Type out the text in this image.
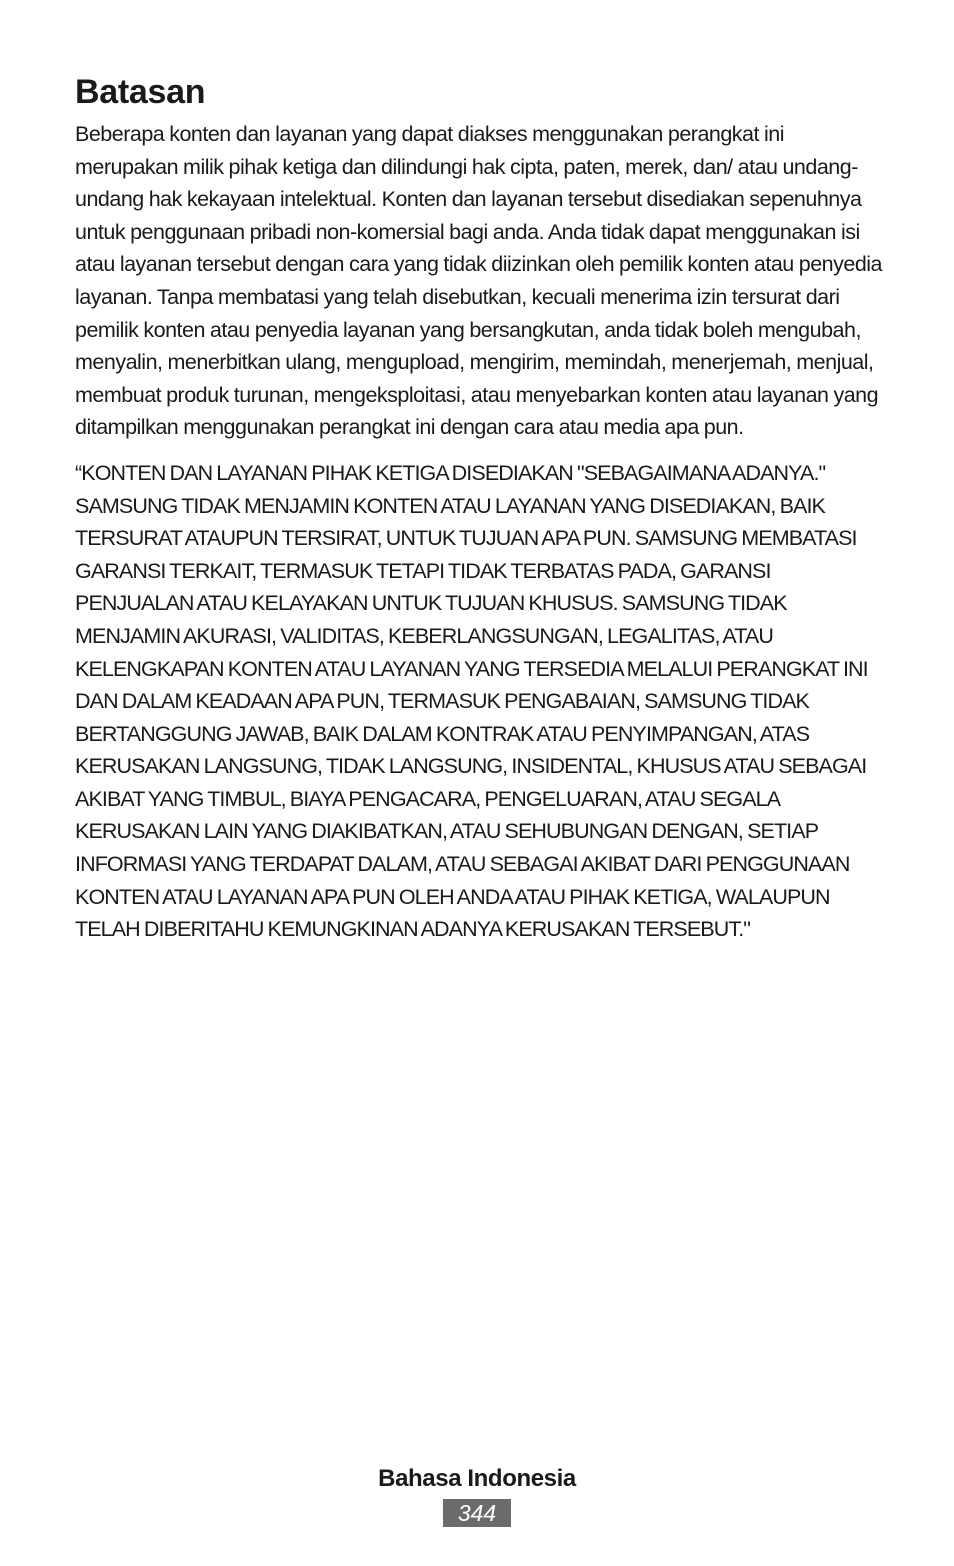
Batasan

Beberapa konten dan layanan yang dapat diakses menggunakan perangkat ini merupakan milik pihak ketiga dan dilindungi hak cipta, paten, merek, dan/ atau undang-undang hak kekayaan intelektual. Konten dan layanan tersebut disediakan sepenuhnya untuk penggunaan pribadi non-komersial bagi anda. Anda tidak dapat menggunakan isi atau layanan tersebut dengan cara yang tidak diizinkan oleh pemilik konten atau penyedia layanan. Tanpa membatasi yang telah disebutkan, kecuali menerima izin tersurat dari pemilik konten atau penyedia layanan yang bersangkutan, anda tidak boleh mengubah, menyalin, menerbitkan ulang, mengupload, mengirim, memindah, menerjemah, menjual, membuat produk turunan, mengeksploitasi, atau menyebarkan konten atau layanan yang ditampilkan menggunakan perangkat ini dengan cara atau media apa pun.

“KONTEN DAN LAYANAN PIHAK KETIGA DISEDIAKAN "SEBAGAIMANA ADANYA." SAMSUNG TIDAK MENJAMIN KONTEN ATAU LAYANAN YANG DISEDIAKAN, BAIK TERSURAT ATAUPUN TERSIRAT, UNTUK TUJUAN APA PUN. SAMSUNG MEMBATASI GARANSI TERKAIT, TERMASUK TETAPI TIDAK TERBATAS PADA, GARANSI PENJUALAN ATAU KELAYAKAN UNTUK TUJUAN KHUSUS. SAMSUNG TIDAK MENJAMIN AKURASI, VALIDITAS, KEBERLANGSUNGAN, LEGALITAS, ATAU KELENGKAPAN KONTEN ATAU LAYANAN YANG TERSEDIA MELALUI PERANGKAT INI DAN DALAM KEADAAN APA PUN, TERMASUK PENGABAIAN, SAMSUNG TIDAK BERTANGGUNG JAWAB, BAIK DALAM KONTRAK ATAU PENYIMPANGAN, ATAS KERUSAKAN LANGSUNG, TIDAK LANGSUNG, INSIDENTAL, KHUSUS ATAU SEBAGAI AKIBAT YANG TIMBUL, BIAYA PENGACARA, PENGELUARAN, ATAU SEGALA KERUSAKAN LAIN YANG DIAKIBATKAN, ATAU SEHUBUNGAN DENGAN, SETIAP INFORMASI YANG TERDAPAT DALAM, ATAU SEBAGAI AKIBAT DARI PENGGUNAAN KONTEN ATAU LAYANAN APA PUN OLEH ANDA ATAU PIHAK KETIGA, WALAUPUN TELAH DIBERITAHU KEMUNGKINAN ADANYA KERUSAKAN TERSEBUT."

Bahasa Indonesia
344
